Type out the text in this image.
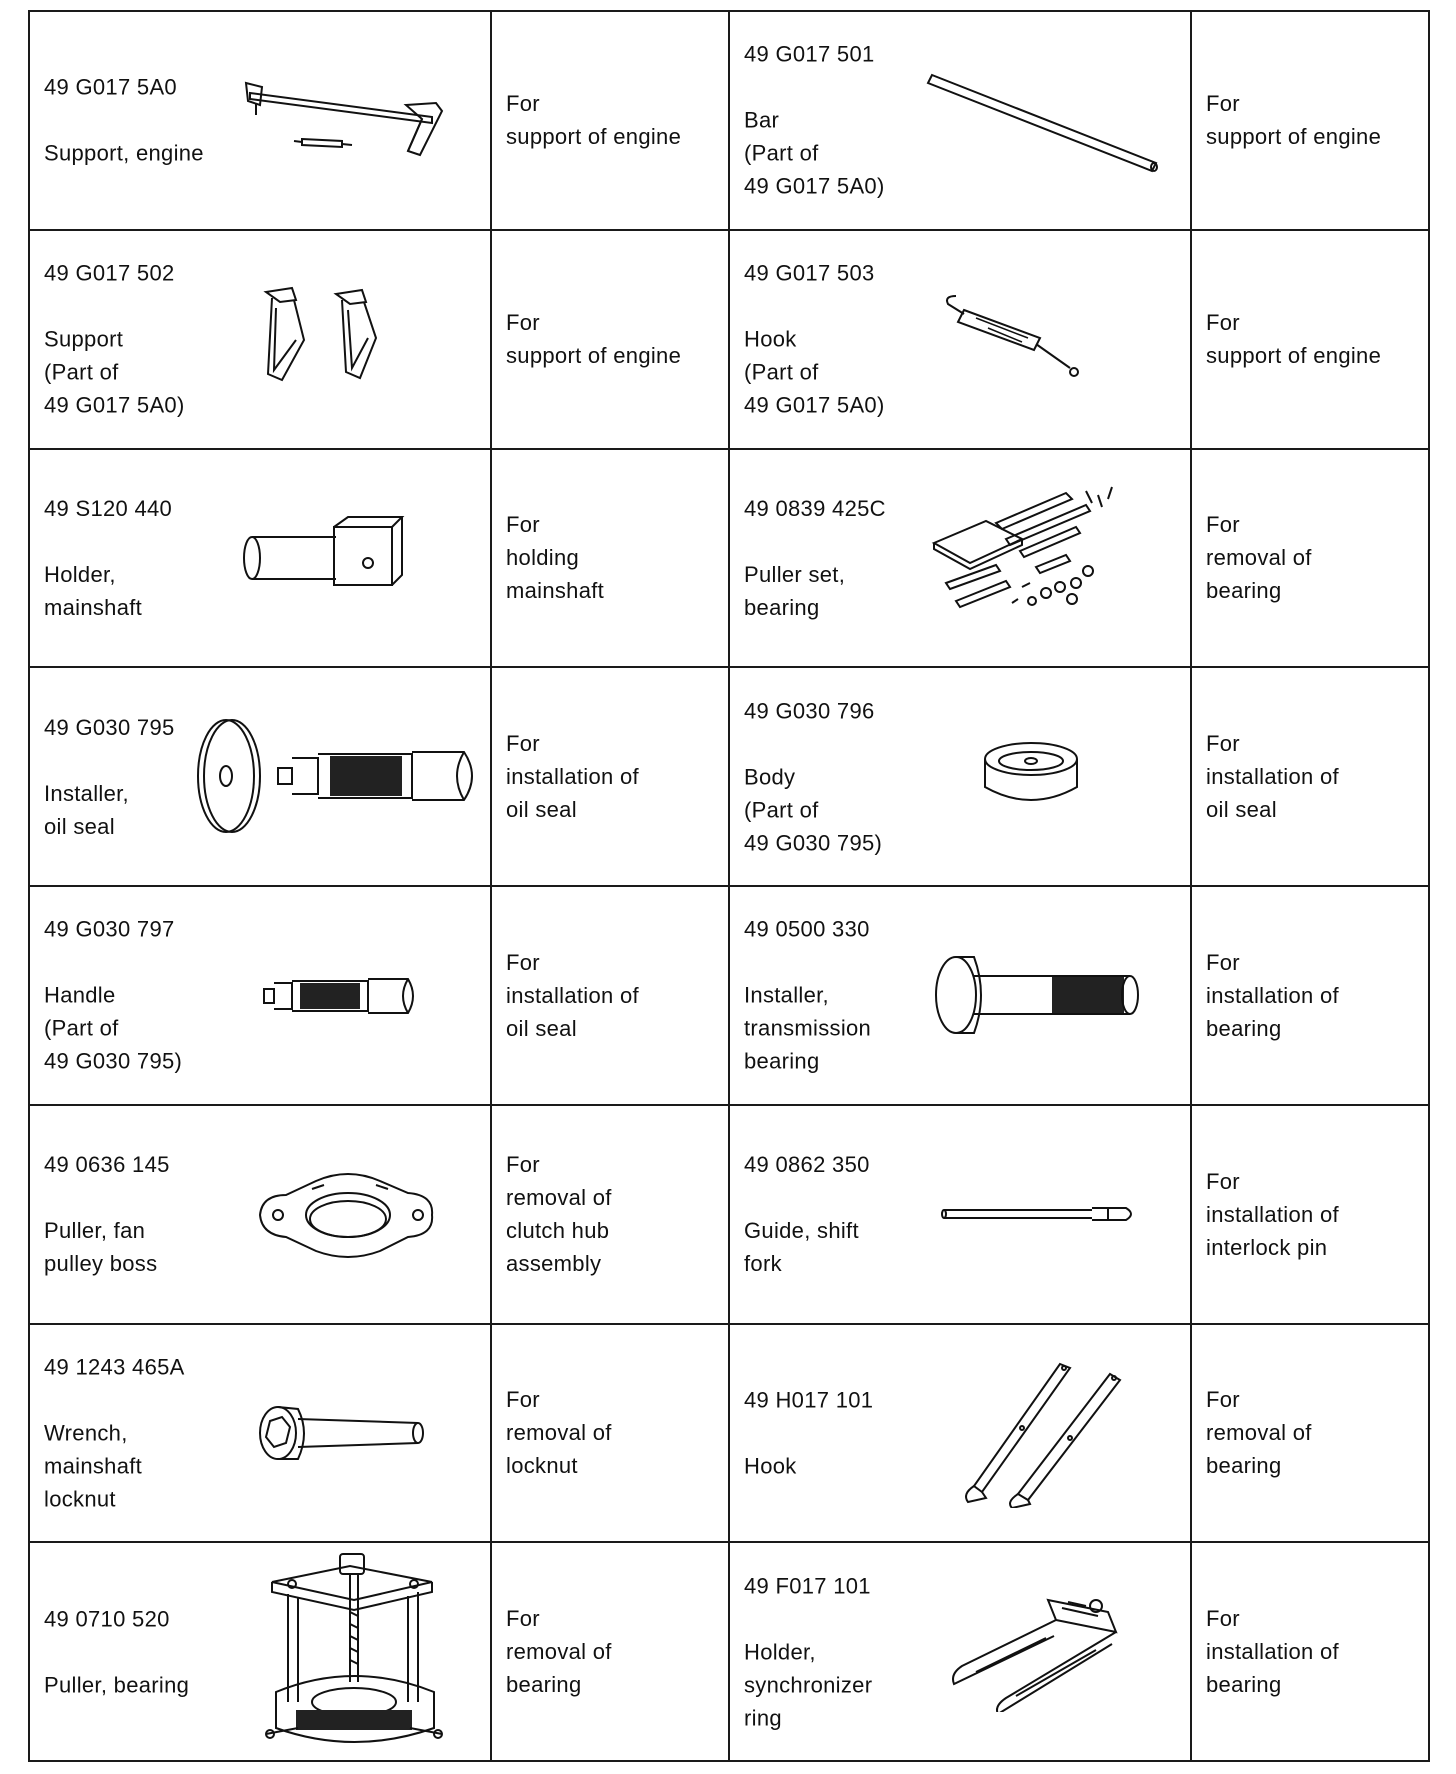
49 G017 5A0
Support, engine	For
support of engine	49 G017 501
Bar
(Part of
49 G017 5A0)	For
support of engine

49 G017 502
Support
(Part of
49 G017 5A0)	For
support of engine	49 G017 503
Hook
(Part of
49 G017 5A0)	For
support of engine

49 S120 440
Holder,
mainshaft	For
holding
mainshaft	49 0839 425C
Puller set,
bearing	For
removal of
bearing

49 G030 795
Installer,
oil seal	For
installation of
oil seal	49 G030 796
Body
(Part of
49 G030 795)	For
installation of
oil seal

49 G030 797
Handle
(Part of
49 G030 795)	For
installation of
oil seal	49 0500 330
Installer,
transmission
bearing	For
installation of
bearing

49 0636 145
Puller, fan
pulley boss	For
removal of
clutch hub
assembly	49 0862 350
Guide, shift
fork	For
installation of
interlock pin

49 1243 465A
Wrench,
mainshaft
locknut	For
removal of
locknut	49 H017 101
Hook	For
removal of
bearing

49 0710 520
Puller, bearing	For
removal of
bearing	49 F017 101
Holder,
synchronizer
ring	For
installation of
bearing
